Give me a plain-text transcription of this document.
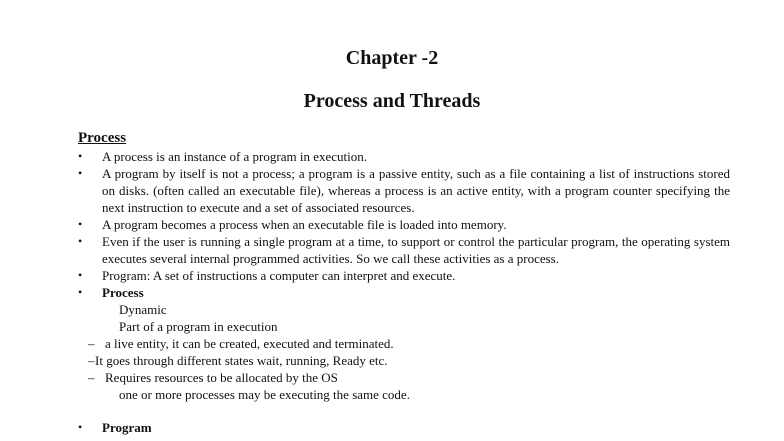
Chapter -2
Process and Threads
Process
•	A process is an instance of a program in execution.
•	A program by itself is not a process; a program is a passive entity, such as a file containing a list of instructions stored on disks. (often called an executable file), whereas a process is an active entity, with a program counter specifying the next instruction to execute and a set of associated resources.
•	A program becomes a process when an executable file is loaded into memory.
•	Even if the user is running a single program at a time, to support or control the particular program, the operating system executes several internal programmed activities. So we call these activities as a process.
•	Program: A set of instructions a computer can interpret and execute.
•	Process
Dynamic
Part of a program in execution
– a live entity, it can be created, executed and terminated.
– It goes through different states wait, running, Ready etc.
– Requires resources to be allocated by the OS
one or more processes may be executing the same code.
•	Program
